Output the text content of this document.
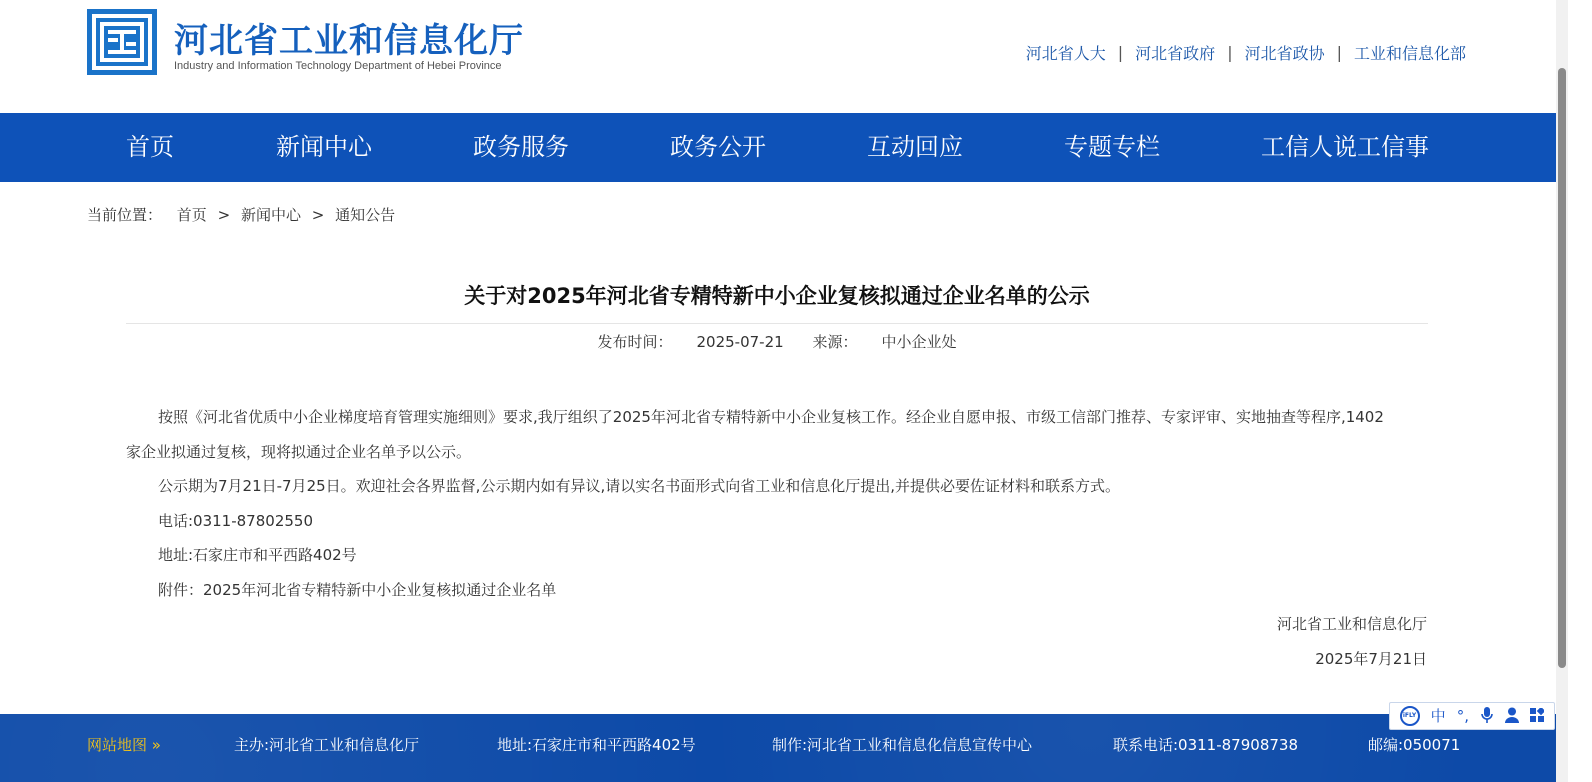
河北省工业和信息化厅
Industry and Information Technology Department of Hebei Province
河北省人大 | 河北省政府 | 河北省政协 | 工业和信息化部
首页	新闻中心	政务服务	政务公开	互动回应	专题专栏	工信人说工信事
当前位置： 首页 > 新闻中心 > 通知公告
关于对2025年河北省专精特新中小企业复核拟通过企业名单的公示
发布时间： 2025-07-21 来源： 中小企业处

按照《河北省优质中小企业梯度培育管理实施细则》要求,我厅组织了2025年河北省专精特新中小企业复核工作。经企业自愿申报、市级工信部门推荐、专家评审、实地抽查等程序,1402家企业拟通过复核，现将拟通过企业名单予以公示。

公示期为7月21日-7月25日。欢迎社会各界监督,公示期内如有异议,请以实名书面形式向省工业和信息化厅提出,并提供必要佐证材料和联系方式。

电话:0311-87802550

地址:石家庄市和平西路402号

附件：2025年河北省专精特新中小企业复核拟通过企业名单

河北省工业和信息化厅
2025年7月21日
网站地图 »	主办:河北省工业和信息化厅	地址:石家庄市和平西路402号	制作:河北省工业和信息化信息宣传中心	联系电话:0311-87908738	邮编:050071
iFLY 中 °,
